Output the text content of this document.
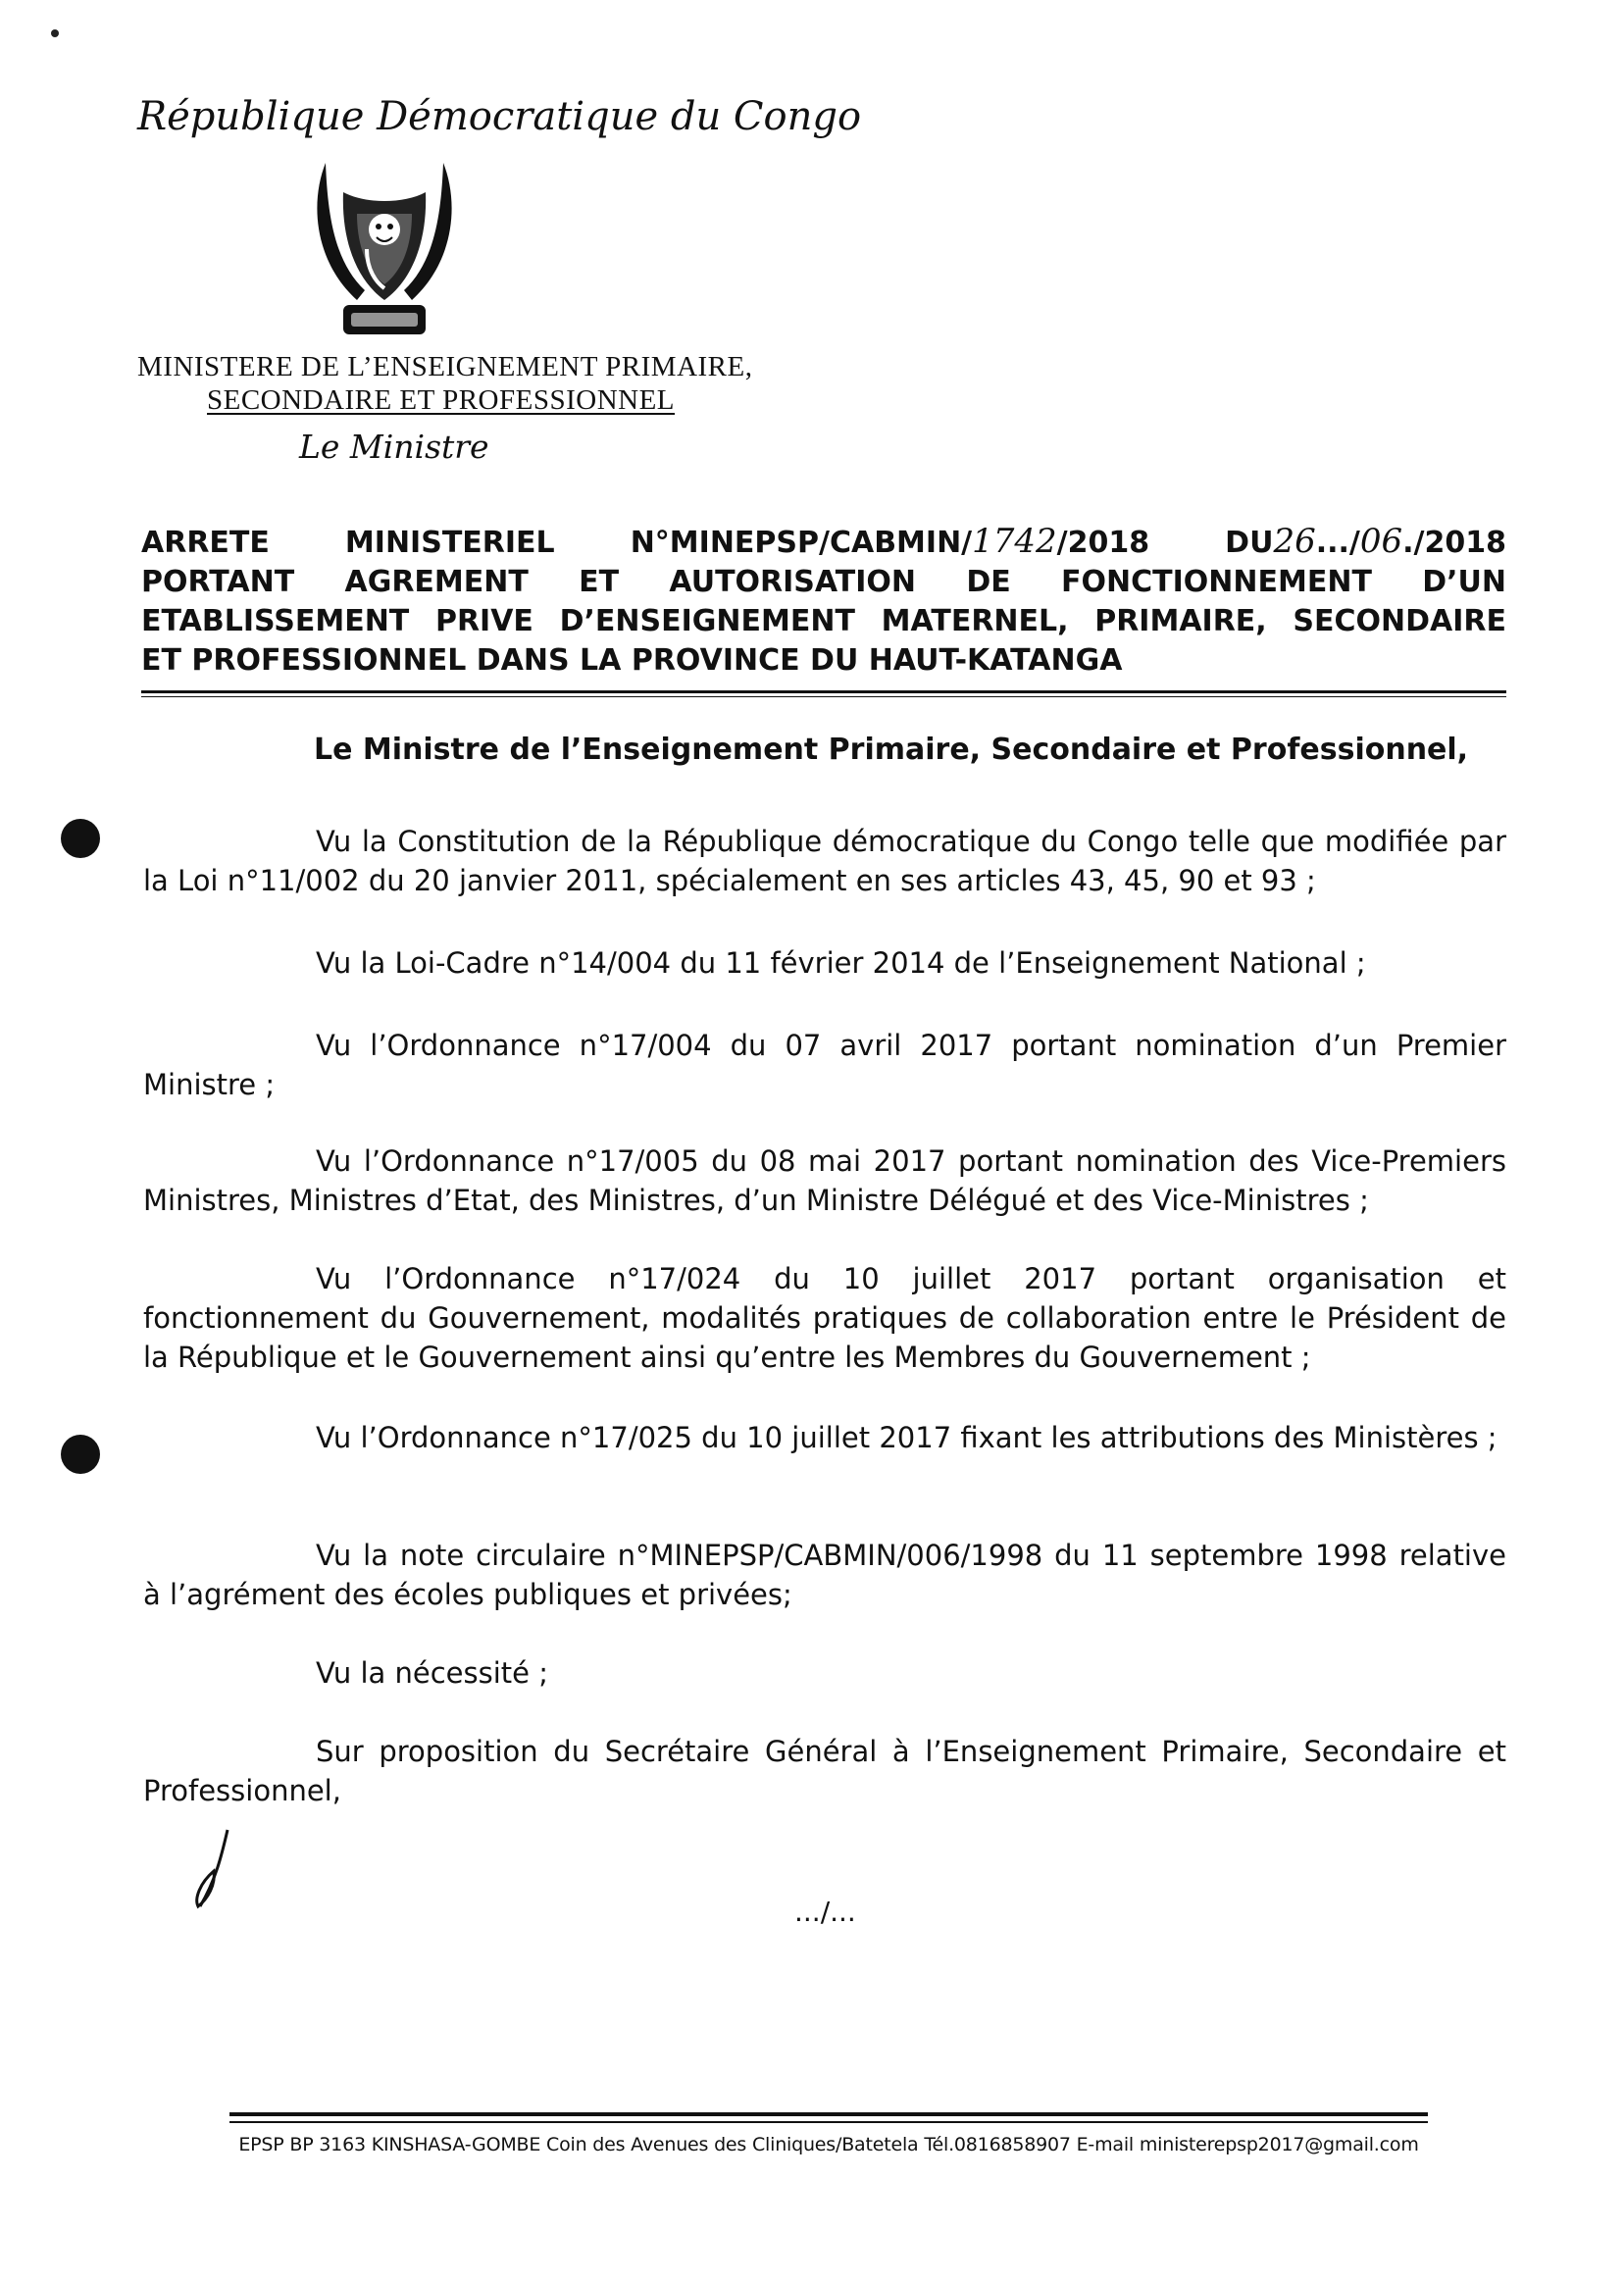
République Démocratique du Congo
MINISTERE DE L’ENSEIGNEMENT PRIMAIRE,
SECONDAIRE ET PROFESSIONNEL
Le Ministre
ARRETE MINISTERIEL N°MINEPSP/CABMIN/1742/2018 DU26.../06./2018
PORTANT AGREMENT ET AUTORISATION DE FONCTIONNEMENT D’UN
ETABLISSEMENT PRIVE D’ENSEIGNEMENT MATERNEL, PRIMAIRE, SECONDAIRE
ET PROFESSIONNEL DANS LA PROVINCE DU HAUT-KATANGA
Le Ministre de l’Enseignement Primaire, Secondaire et Professionnel,
Vu la Constitution de la République démocratique du Congo telle que modifiée par la Loi n°11/002 du 20 janvier 2011, spécialement en ses articles 43, 45, 90 et 93 ;
Vu la Loi-Cadre n°14/004 du 11 février 2014 de l’Enseignement National ;
Vu l’Ordonnance n°17/004 du 07 avril 2017 portant nomination d’un Premier Ministre ;
Vu l’Ordonnance n°17/005 du 08 mai 2017 portant nomination des Vice-Premiers Ministres, Ministres d’Etat, des Ministres, d’un Ministre Délégué et des Vice-Ministres ;
Vu l’Ordonnance n°17/024 du 10 juillet 2017 portant organisation et fonctionnement du Gouvernement, modalités pratiques de collaboration entre le Président de la République et le Gouvernement ainsi qu’entre les Membres du Gouvernement ;
Vu l’Ordonnance n°17/025 du 10 juillet 2017 fixant les attributions des Ministères ;
Vu la note circulaire n°MINEPSP/CABMIN/006/1998 du 11 septembre 1998 relative à l’agrément des écoles publiques et privées;
Vu la nécessité ;
Sur proposition du Secrétaire Général à l’Enseignement Primaire, Secondaire et Professionnel,
.../...
EPSP BP 3163 KINSHASA-GOMBE Coin des Avenues des Cliniques/Batetela Tél.0816858907 E-mail ministerepsp2017@gmail.com
